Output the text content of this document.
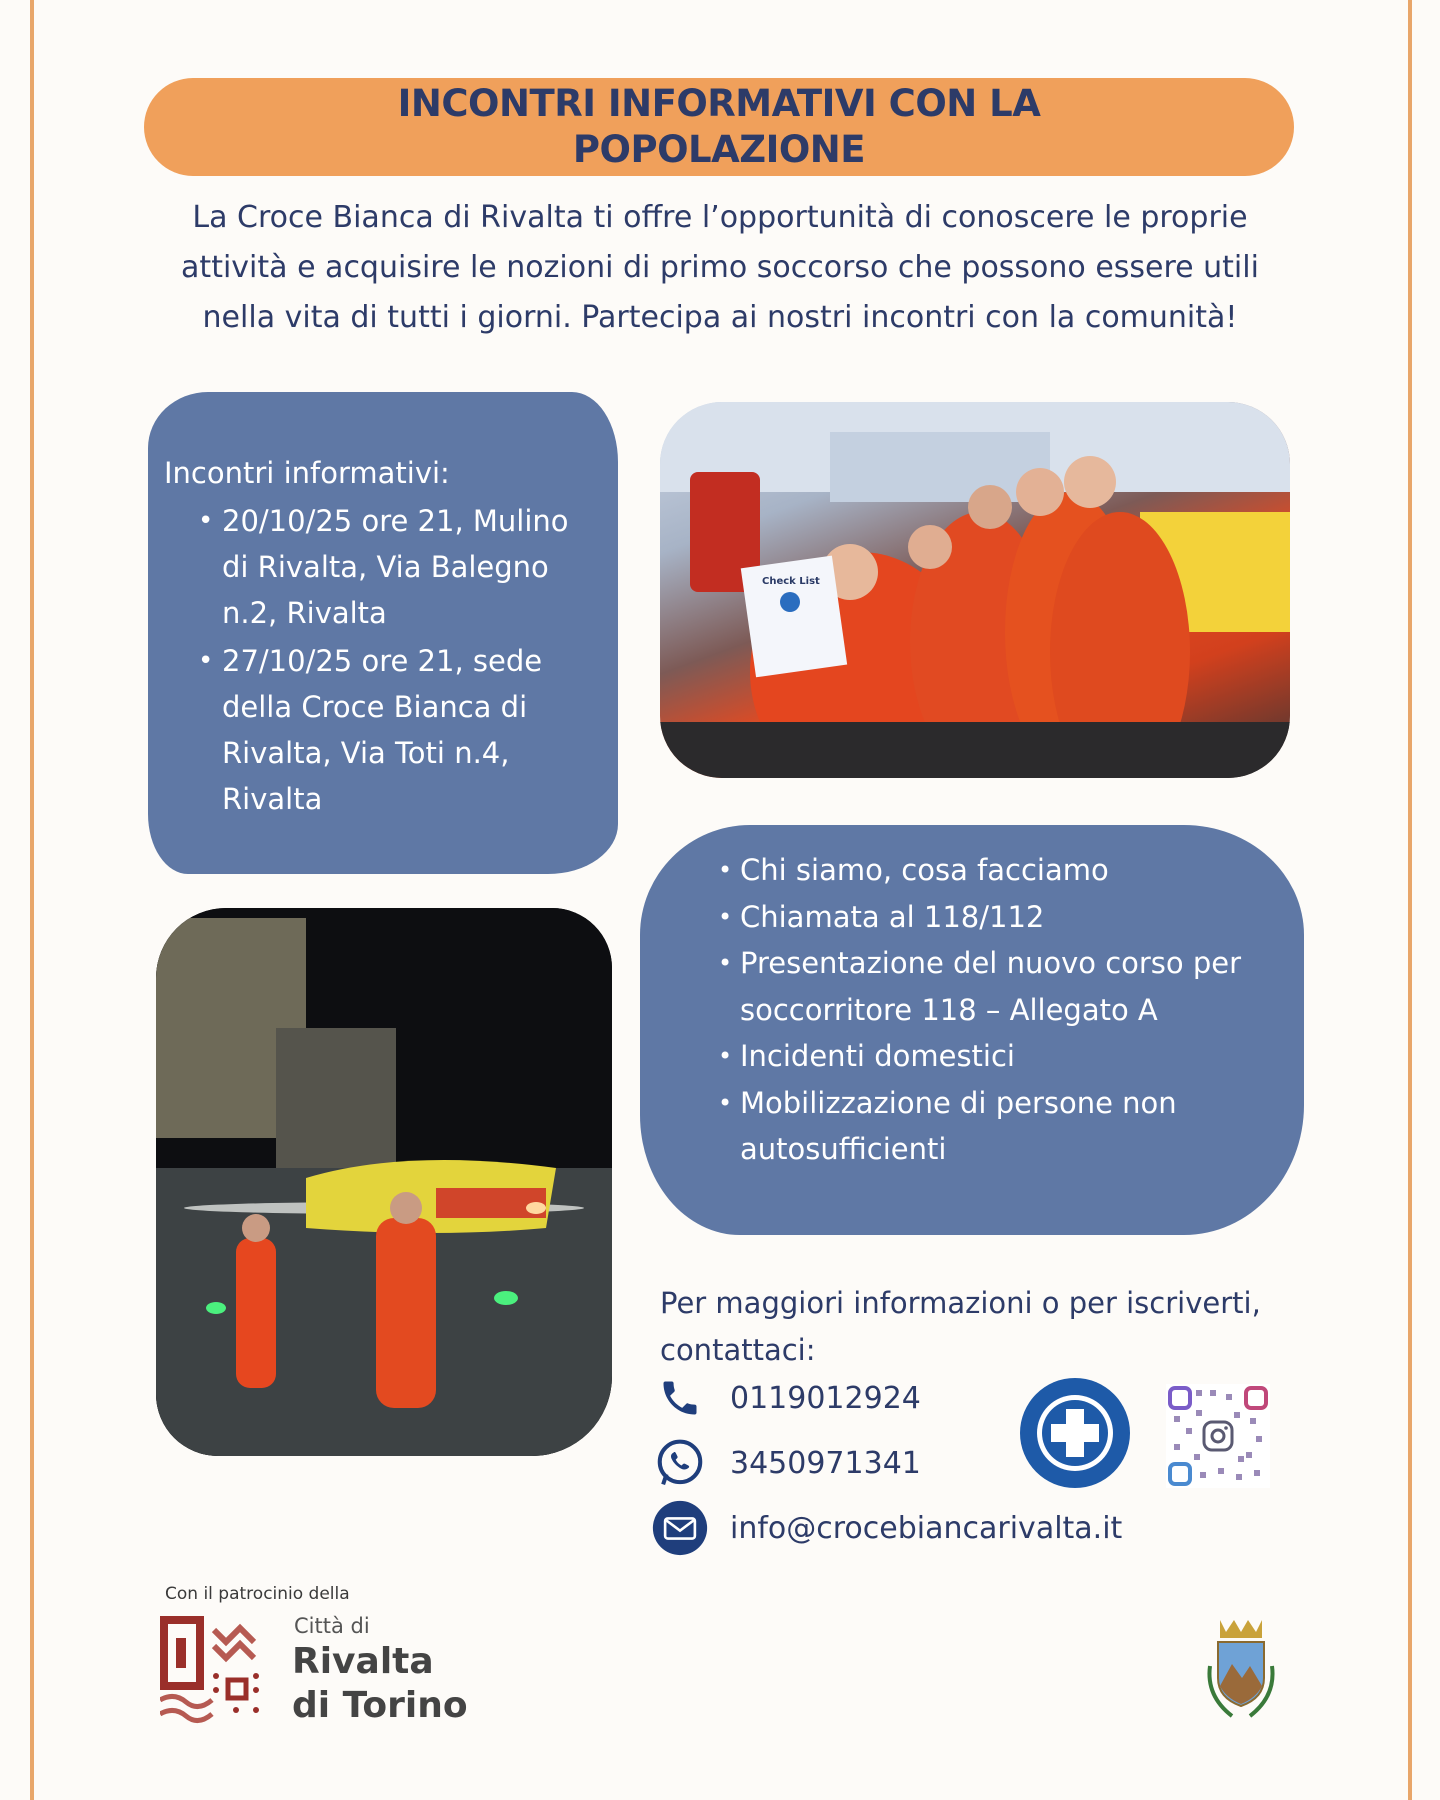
INCONTRI INFORMATIVI CON LA
POPOLAZIONE

La Croce Bianca di Rivalta ti offre l’opportunità di conoscere le proprie attività e acquisire le nozioni di primo soccorso che possono essere utili nella vita di tutti i giorni. Partecipa ai nostri incontri con la comunità!

Incontri informativi:
• 20/10/25 ore 21, Mulino di Rivalta, Via Balegno n.2, Rivalta
• 27/10/25 ore 21, sede della Croce Bianca di Rivalta, Via Toti n.4, Rivalta
Check List
• Chi siamo, cosa facciamo
• Chiamata al 118/112
• Presentazione del nuovo corso per soccorritore 118 – Allegato A
• Incidenti domestici
• Mobilizzazione di persone non autosufficienti
Per maggiori informazioni o per iscriverti, contattaci:
0119012924
3450971341
info@crocebiancarivalta.it
Con il patrocinio della
Città di
Rivalta
di Torino
